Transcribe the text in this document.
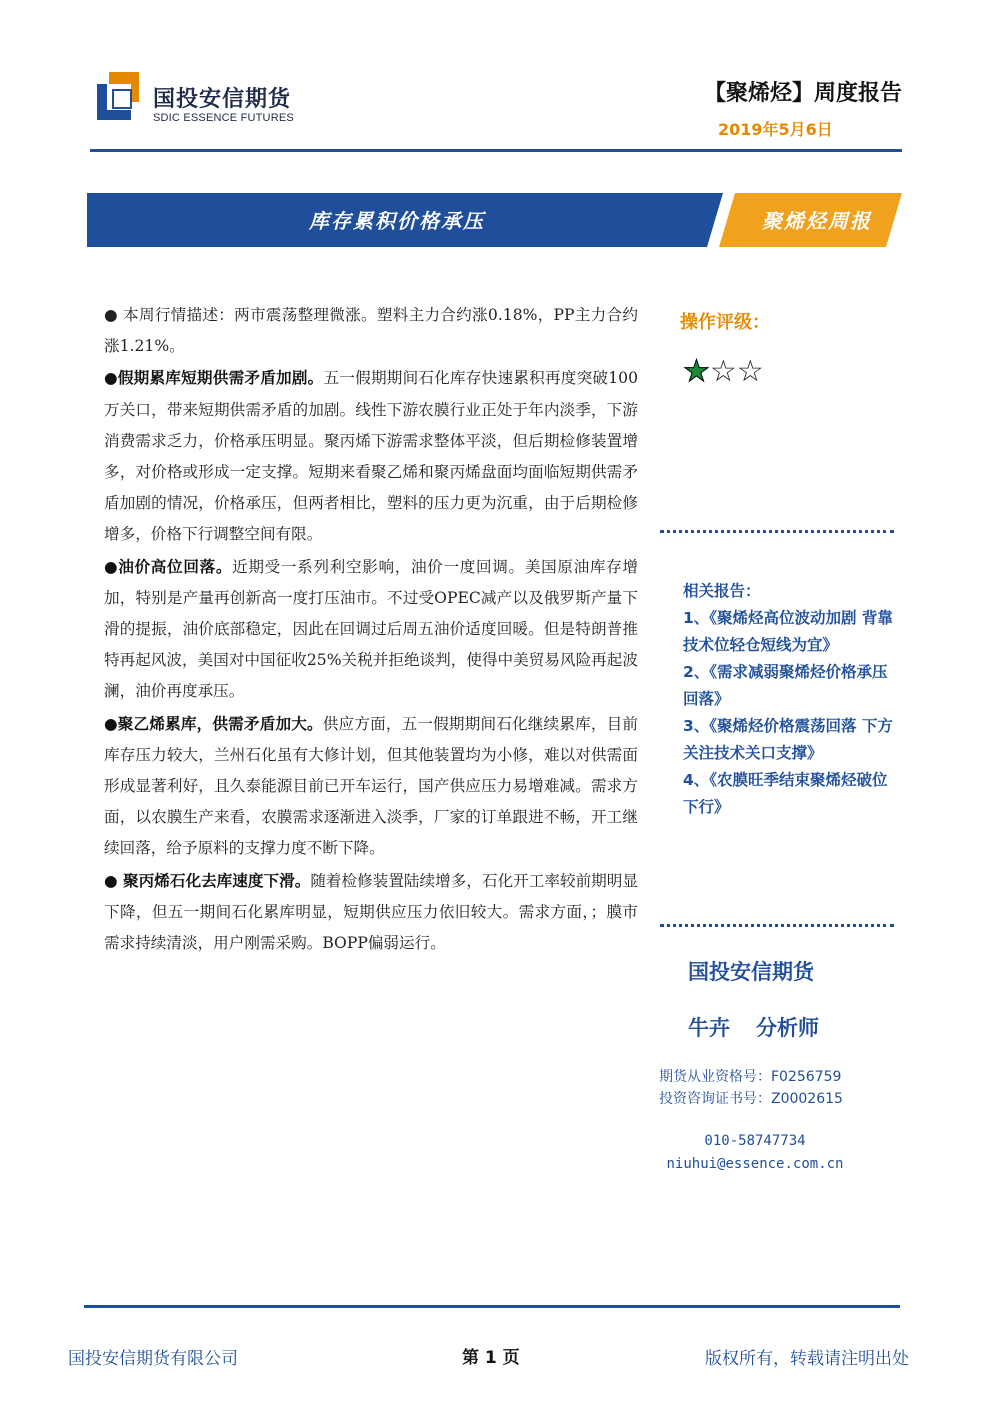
国投安信期货
SDIC ESSENCE FUTURES
【聚烯烃】周度报告
2019年5月6日
库存累积价格承压	聚烯烃周报

● 本周行情描述：两市震荡整理微涨。塑料主力合约涨0.18%，PP主力合约涨1.21%。

●假期累库短期供需矛盾加剧。五一假期期间石化库存快速累积再度突破100万关口，带来短期供需矛盾的加剧。线性下游农膜行业正处于年内淡季，下游消费需求乏力，价格承压明显。聚丙烯下游需求整体平淡，但后期检修装置增多，对价格或形成一定支撑。短期来看聚乙烯和聚丙烯盘面均面临短期供需矛盾加剧的情况，价格承压，但两者相比，塑料的压力更为沉重，由于后期检修增多，价格下行调整空间有限。

●油价高位回落。近期受一系列利空影响，油价一度回调。美国原油库存增加，特别是产量再创新高一度打压油市。不过受OPEC减产以及俄罗斯产量下滑的提振，油价底部稳定，因此在回调过后周五油价适度回暖。但是特朗普推特再起风波，美国对中国征收25%关税并拒绝谈判，使得中美贸易风险再起波澜，油价再度承压。

●聚乙烯累库，供需矛盾加大。供应方面，五一假期期间石化继续累库，目前库存压力较大，兰州石化虽有大修计划，但其他装置均为小修，难以对供需面形成显著利好，且久泰能源目前已开车运行，国产供应压力易增难减。需求方面，以农膜生产来看，农膜需求逐渐进入淡季，厂家的订单跟进不畅，开工继续回落，给予原料的支撑力度不断下降。

● 聚丙烯石化去库速度下滑。随着检修装置陆续增多，石化开工率较前期明显下降，但五一期间石化累库明显，短期供应压力依旧较大。需求方面，；膜市需求持续清淡，用户刚需采购。BOPP偏弱运行。

操作评级：
★☆☆
相关报告：
1、《聚烯烃高位波动加剧 背靠技术位轻仓短线为宜》
2、《需求减弱聚烯烃价格承压回落》
3、《聚烯烃价格震荡回落 下方关注技术关口支撑》
4、《农膜旺季结束聚烯烃破位下行》
国投安信期货
牛卉 分析师
期货从业资格号：F0256759
投资咨询证书号：Z0002615
010-58747734
niuhui@essence.com.cn
国投安信期货有限公司	第 1 页	版权所有，转载请注明出处
